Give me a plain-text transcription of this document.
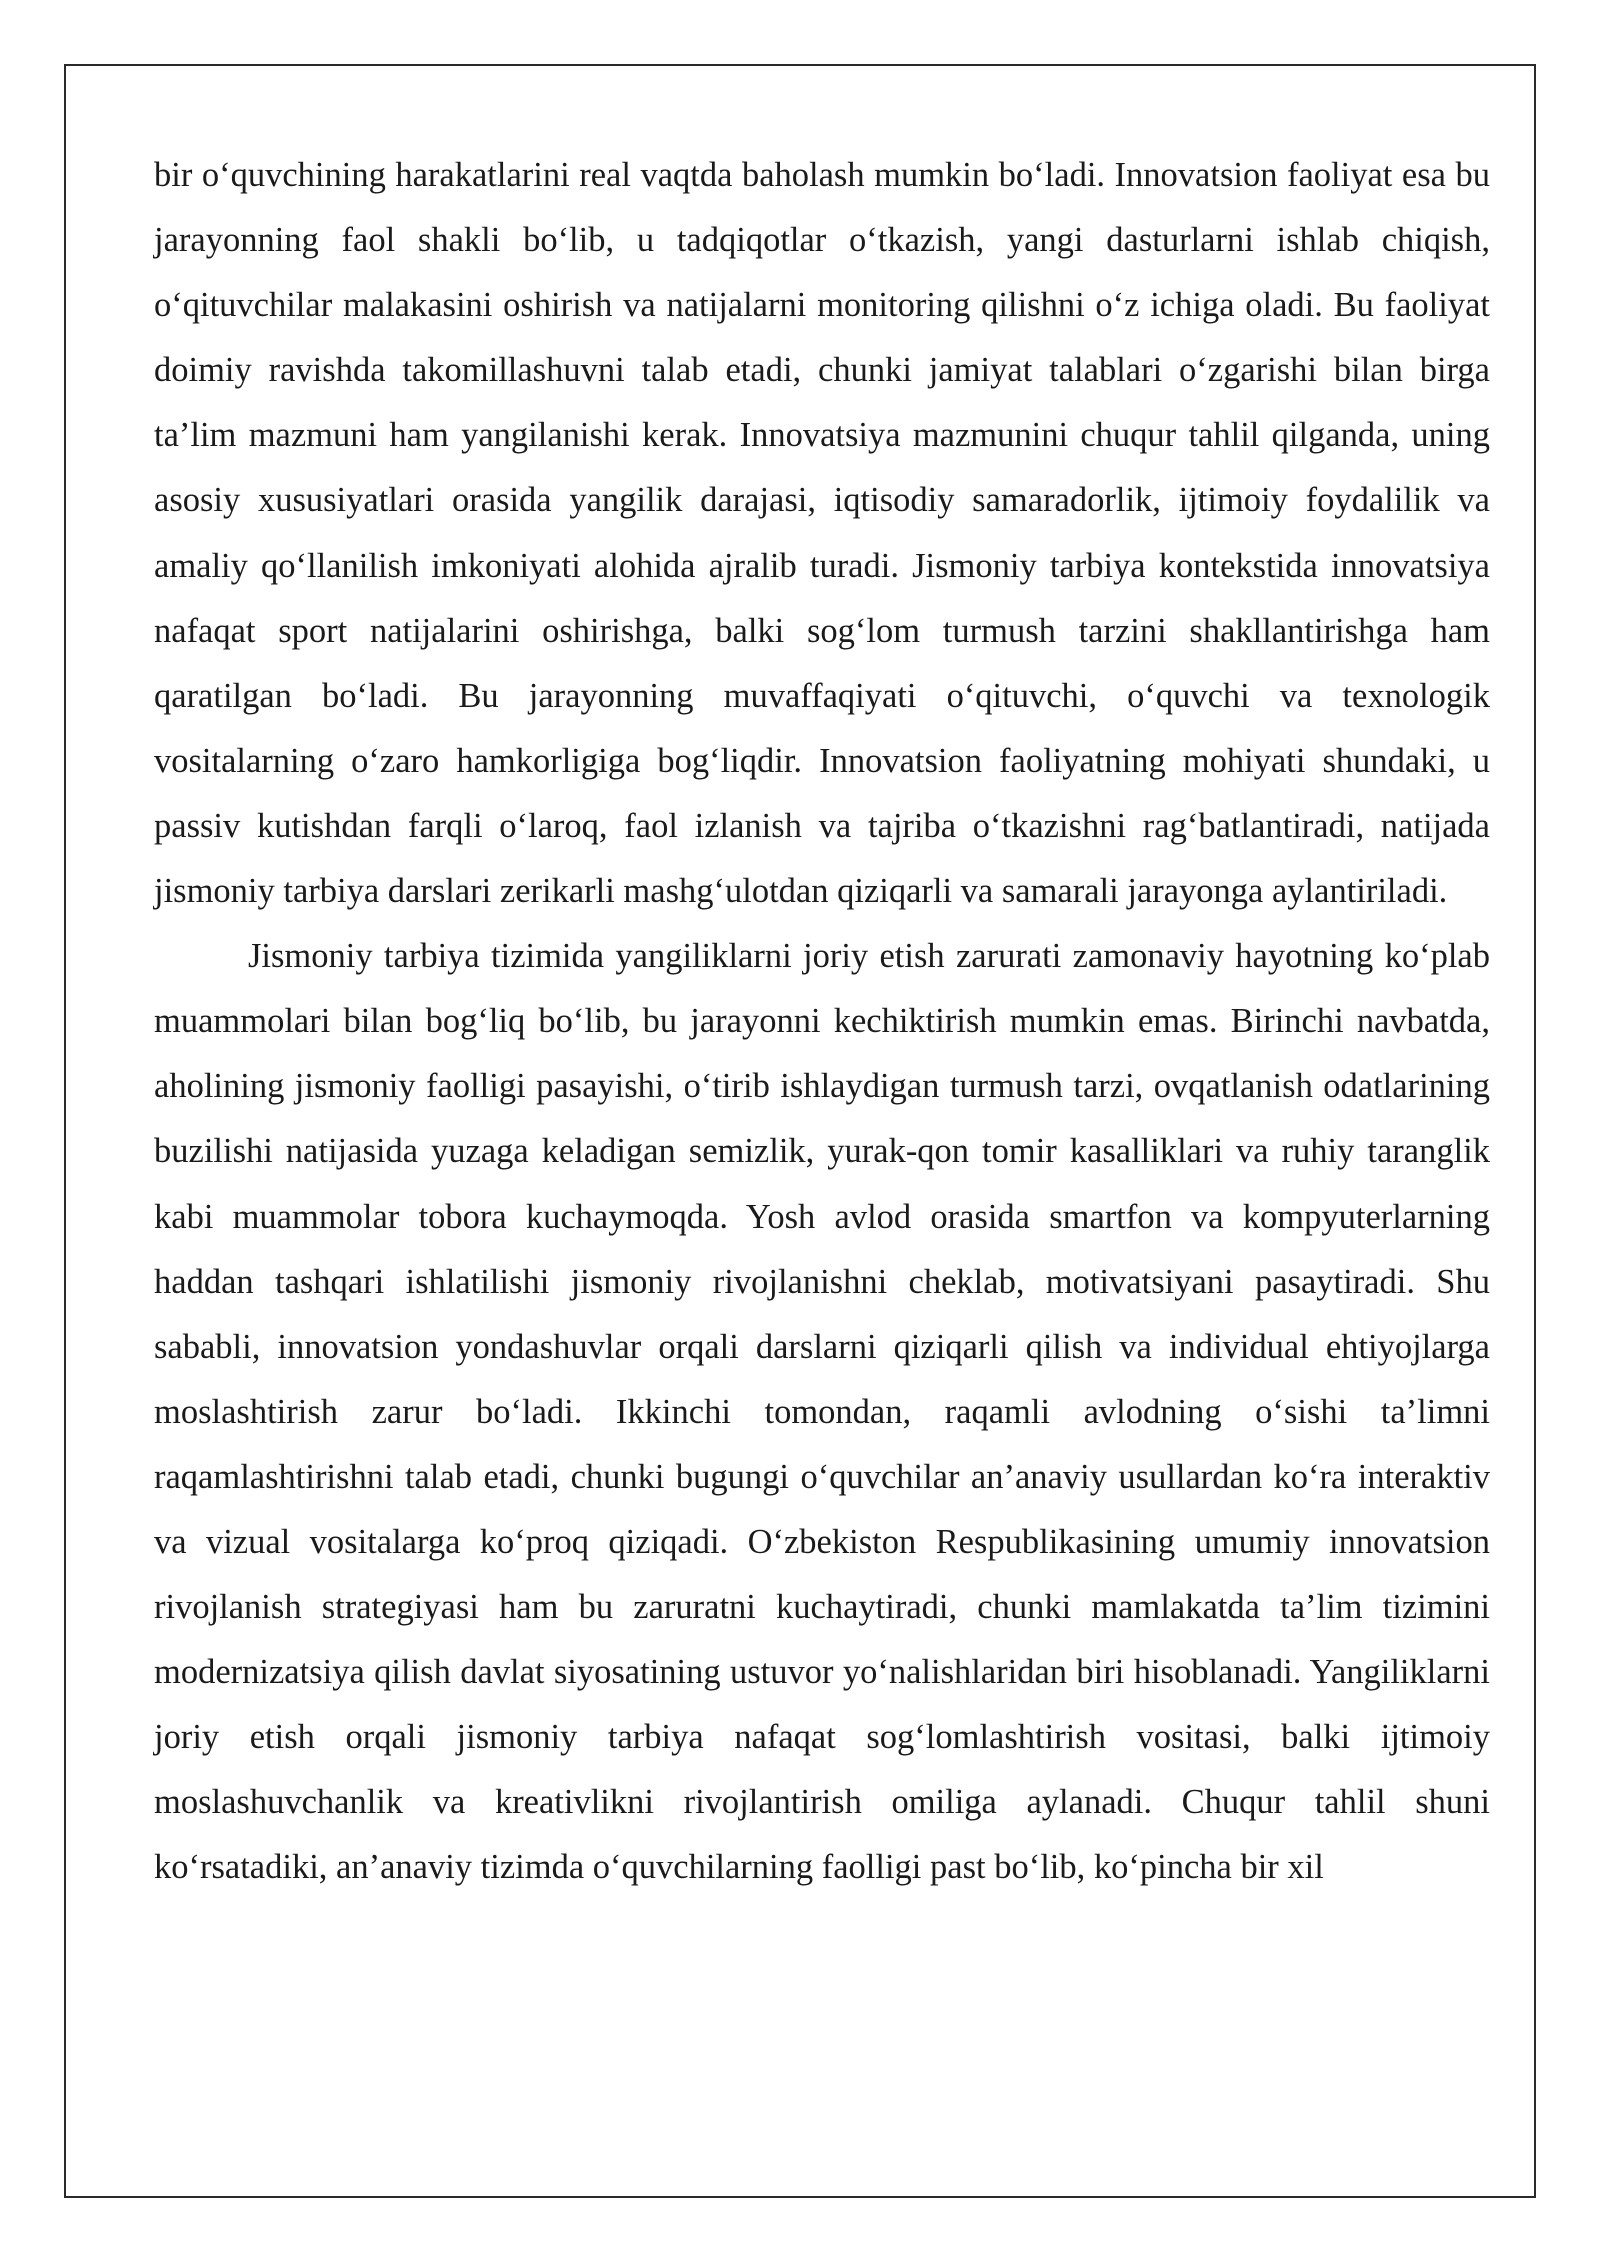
bir o‘quvchining harakatlarini real vaqtda baholash mumkin bo‘ladi. Innovatsion faoliyat esa bu jarayonning faol shakli bo‘lib, u tadqiqotlar o‘tkazish, yangi dasturlarni ishlab chiqish, o‘qituvchilar malakasini oshirish va natijalarni monitoring qilishni o‘z ichiga oladi. Bu faoliyat doimiy ravishda takomillashuvni talab etadi, chunki jamiyat talablari o‘zgarishi bilan birga ta’lim mazmuni ham yangilanishi kerak. Innovatsiya mazmunini chuqur tahlil qilganda, uning asosiy xususiyatlari orasida yangilik darajasi, iqtisodiy samaradorlik, ijtimoiy foydalilik va amaliy qo‘llanilish imkoniyati alohida ajralib turadi. Jismoniy tarbiya kontekstida innovatsiya nafaqat sport natijalarini oshirishga, balki sog‘lom turmush tarzini shakllantirishga ham qaratilgan bo‘ladi. Bu jarayonning muvaffaqiyati o‘qituvchi, o‘quvchi va texnologik vositalarning o‘zaro hamkorligiga bog‘liqdir. Innovatsion faoliyatning mohiyati shundaki, u passiv kutishdan farqli o‘laroq, faol izlanish va tajriba o‘tkazishni rag‘batlantiradi, natijada jismoniy tarbiya darslari zerikarli mashg‘ulotdan qiziqarli va samarali jarayonga aylantiriladi.

Jismoniy tarbiya tizimida yangiliklarni joriy etish zarurati zamonaviy hayotning ko‘plab muammolari bilan bog‘liq bo‘lib, bu jarayonni kechiktirish mumkin emas. Birinchi navbatda, aholining jismoniy faolligi pasayishi, o‘tirib ishlaydigan turmush tarzi, ovqatlanish odatlarining buzilishi natijasida yuzaga keladigan semizlik, yurak-qon tomir kasalliklari va ruhiy taranglik kabi muammolar tobora kuchaymoqda. Yosh avlod orasida smartfon va kompyuterlarning haddan tashqari ishlatilishi jismoniy rivojlanishni cheklab, motivatsiyani pasaytiradi. Shu sababli, innovatsion yondashuvlar orqali darslarni qiziqarli qilish va individual ehtiyojlarga moslashtirish zarur bo‘ladi. Ikkinchi tomondan, raqamli avlodning o‘sishi ta’limni raqamlashtirishni talab etadi, chunki bugungi o‘quvchilar an’anaviy usullardan ko‘ra interaktiv va vizual vositalarga ko‘proq qiziqadi. O‘zbekiston Respublikasining umumiy innovatsion rivojlanish strategiyasi ham bu zaruratni kuchaytiradi, chunki mamlakatda ta’lim tizimini modernizatsiya qilish davlat siyosatining ustuvor yo‘nalishlaridan biri hisoblanadi. Yangiliklarni joriy etish orqali jismoniy tarbiya nafaqat sog‘lomlashtirish vositasi, balki ijtimoiy moslashuvchanlik va kreativlikni rivojlantirish omiliga aylanadi. Chuqur tahlil shuni ko‘rsatadiki, an’anaviy tizimda o‘quvchilarning faolligi past bo‘lib, ko‘pincha bir xil
